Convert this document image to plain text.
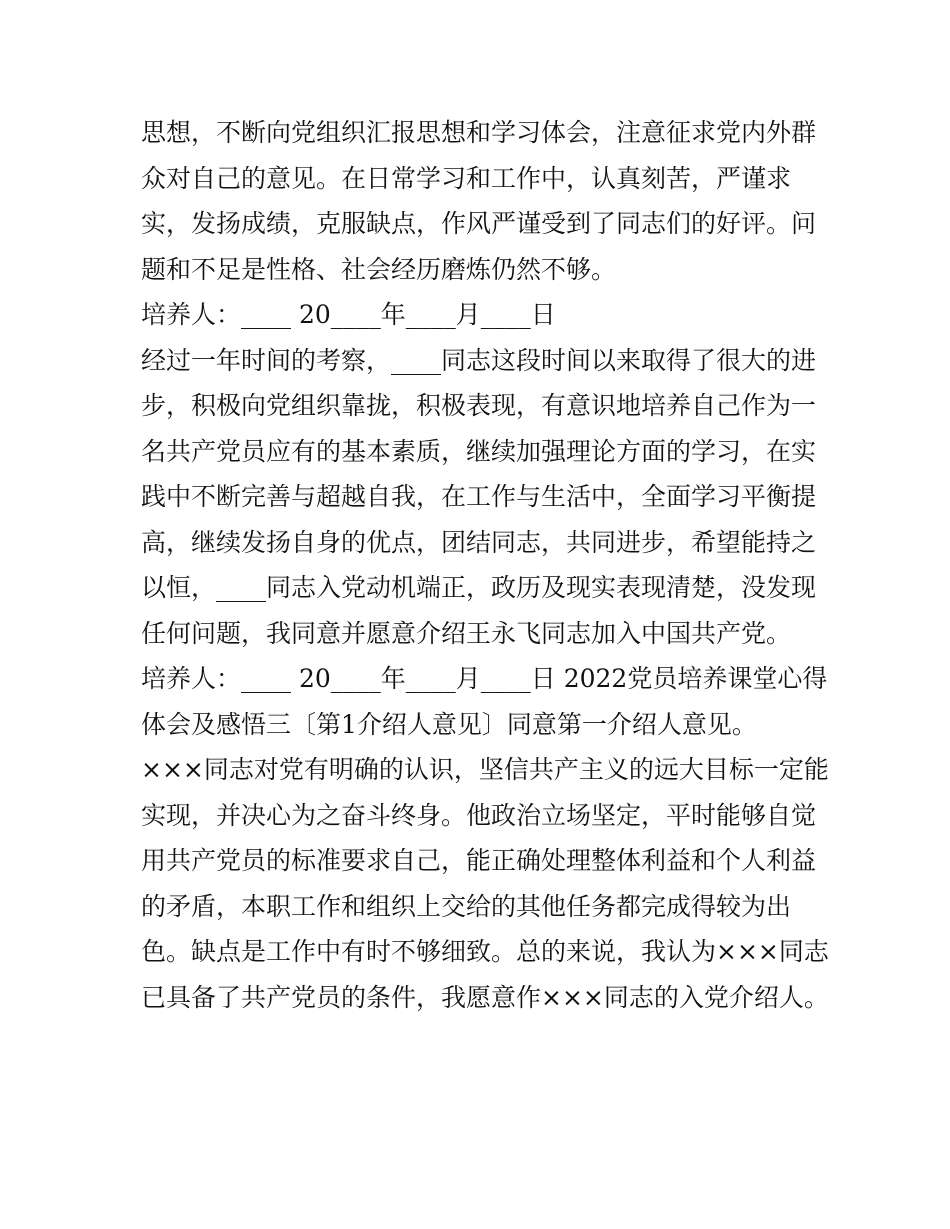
思想，不断向党组织汇报思想和学习体会，注意征求党内外群
众对自己的意见。在日常学习和工作中，认真刻苦，严谨求
实，发扬成绩，克服缺点，作风严谨受到了同志们的好评。问
题和不足是性格、社会经历磨炼仍然不够。
培养人：____ 20____年____月____日
经过一年时间的考察，____同志这段时间以来取得了很大的进
步，积极向党组织靠拢，积极表现，有意识地培养自己作为一
名共产党员应有的基本素质，继续加强理论方面的学习，在实
践中不断完善与超越自我，在工作与生活中，全面学习平衡提
高，继续发扬自身的优点，团结同志，共同进步，希望能持之
以恒，____同志入党动机端正，政历及现实表现清楚，没发现
任何问题，我同意并愿意介绍王永飞同志加入中国共产党。
培养人：____ 20____年____月____日 2022党员培养课堂心得
体会及感悟三〔第1介绍人意见〕同意第一介绍人意见。
×××同志对党有明确的认识，坚信共产主义的远大目标一定能
实现，并决心为之奋斗终身。他政治立场坚定，平时能够自觉
用共产党员的标准要求自己，能正确处理整体利益和个人利益
的矛盾，本职工作和组织上交给的其他任务都完成得较为出
色。缺点是工作中有时不够细致。总的来说，我认为×××同志
已具备了共产党员的条件，我愿意作×××同志的入党介绍人。
